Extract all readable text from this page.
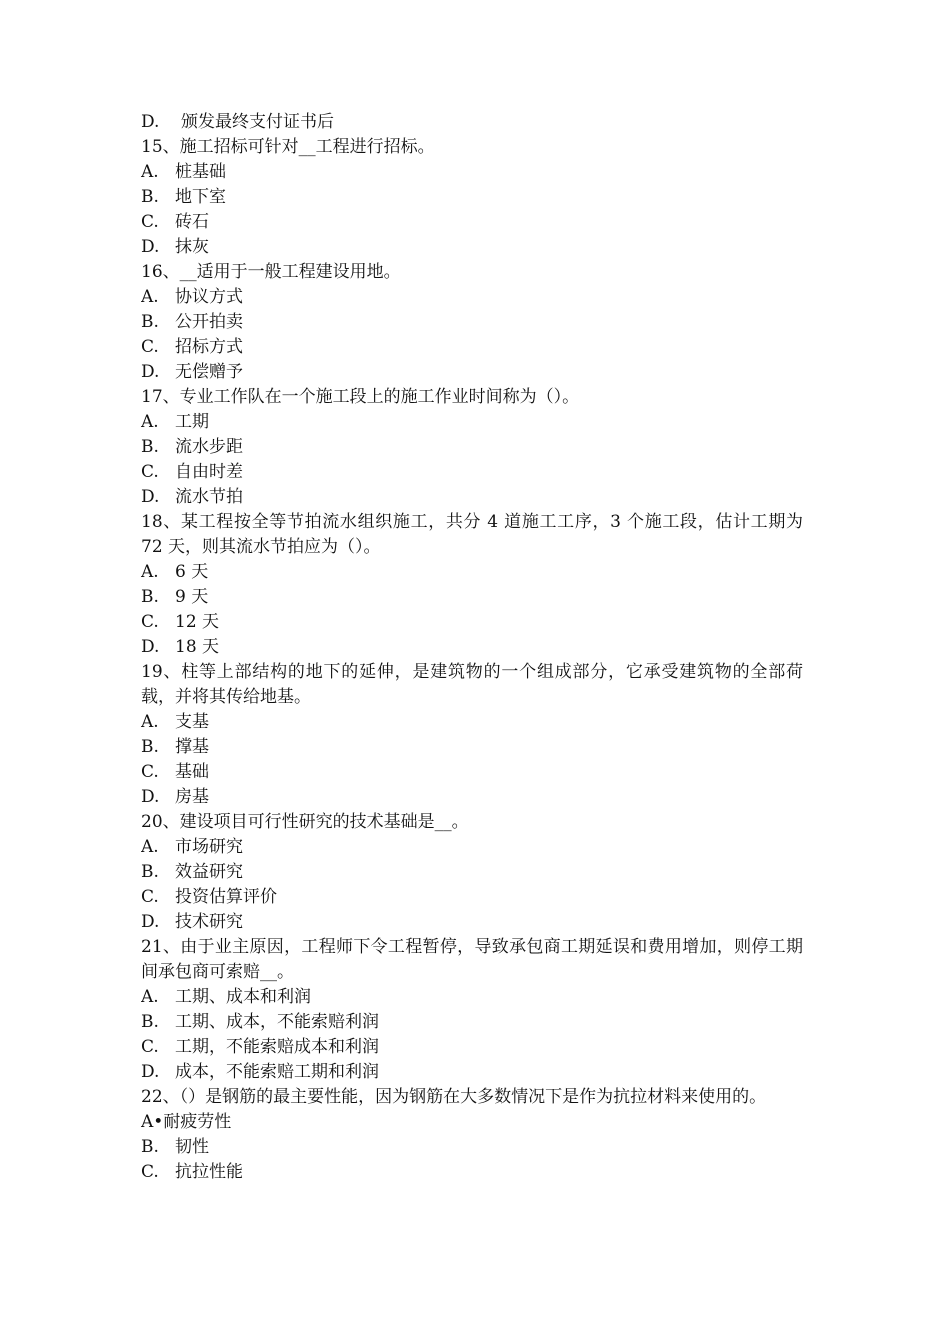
D.	颁发最终支付证书后
15、施工招标可针对__工程进行招标。
A. 桩基础
B. 地下室
C. 砖石
D. 抹灰
16、__适用于一般工程建设用地。
A. 协议方式
B. 公开拍卖
C. 招标方式
D. 无偿赠予
17、专业工作队在一个施工段上的施工作业时间称为（）。
A. 工期
B. 流水步距
C. 自由时差
D. 流水节拍
18、某工程按全等节拍流水组织施工，共分 4 道施工工序，3 个施工段，估计工期为 72 天，则其流水节拍应为（）。
A. 6 天
B. 9 天
C. 12 天
D. 18 天
19、柱等上部结构的地下的延伸，是建筑物的一个组成部分，它承受建筑物的全部荷载，并将其传给地基。
A. 支基
B. 撑基
C. 基础
D. 房基
20、建设项目可行性研究的技术基础是__。
A. 市场研究
B. 效益研究
C. 投资估算评价
D. 技术研究
21、由于业主原因，工程师下令工程暂停，导致承包商工期延误和费用增加，则停工期间承包商可索赔__。
A. 工期、成本和利润
B. 工期、成本，不能索赔利润
C. 工期，不能索赔成本和利润
D. 成本，不能索赔工期和利润
22、（）是钢筋的最主要性能，因为钢筋在大多数情况下是作为抗拉材料来使用的。
A• 耐疲劳性
B. 韧性
C. 抗拉性能
